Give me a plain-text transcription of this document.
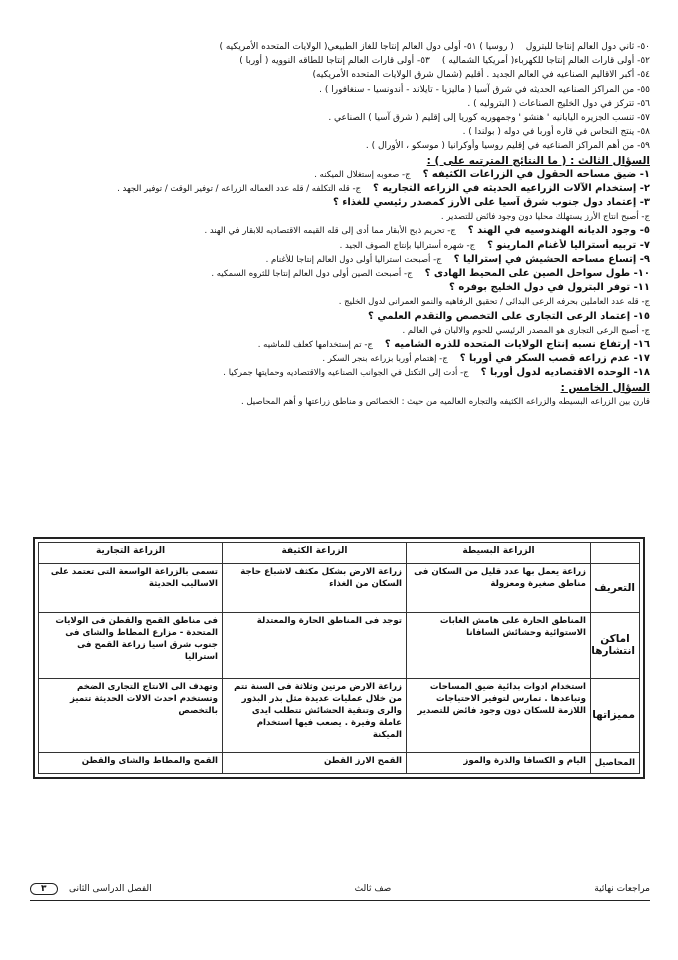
٥٠- ثاني دول العالم إنتاجا للبترول
( روسيا ) ٥١- أولى دول العالم إنتاجا للغاز الطبيعي( الولايات المتحده الأمريكيه )
٥٢- أولى قارات العالم إنتاجا للكهرباء( أمريكيا الشماليه )
٥٣- أولى قارات العالم إنتاجا للطاقه النوويه ( أوربا )
٥٤- أكبر الاقاليم الصناعيه في العالم الجديد . أقليم (شمال شرق الولايات المتحده الأمريكيه)
٥٥- من المراكز الصناعيه الحديثه في شرق آسيا ( ماليزيا - تايلاند - أندونسيا - سنغافورا ) .
٥٦- تتركز في دول الخليج الصناعات ( البتروليه ) .
٥٧- تنسب الجزيره اليابانيه ' هنشو ' وجمهوريه كوريا إلى إقليم ( شرق آسيا ) الصناعي .
٥٨- ينتج النحاس في قاره أوربا في دوله ( بولندا ) .
٥٩- من أهم المراكز الصناعيه في إقليم روسيا وأوكرانيا ( موسكو ، الأورال ) .
السؤال الثالث : ( ما النتائج المترتبه على ) :
١- ضيق مساحه الحقول في الزراعات الكثيفه ؟
ج- صعوبه إستغلال الميكنه .
٢- إستخدام الآلات الزراعيه الحديثه في الزراعه التجاريه ؟
ج- قله التكلفه / قله عدد العماله الزراعه / توفير الوقت / توفير الجهد .
٣- إعتماد دول جنوب شرق آسيا على الأرز كمصدر رئيسي للغذاء ؟
ج- أصبح انتاج الأرز يستهلك محليا دون وجود فائض للتصدير .
٥- وجود الديانه الهندوسيه في الهند ؟
ج- تحريم ذبح الأبقار مما أدى إلى قله القيمه الاقتصاديه للابقار في الهند .
٧- تربيه أستراليا لأغنام المارينو ؟
ج- شهره أستراليا بإنتاج الصوف الجيد .
٩- إتساع مساحه الحشيش في إستراليا ؟
ج- أصبحت استراليا أولى دول العالم إنتاجا للأغنام .
١٠- طول سواحل الصين على المحيط الهادى ؟
ج- أصبحت الصين أولى دول العالم إنتاجا للثروه السمكيه .
١١- توفر البترول في دول الخليج بوفره ؟
ج- قله عدد العاملين بحرفه الرعى البدائى / تحقيق الرفاهيه والنمو العمرانى لدول الخليج .
١٥- إعتماد الرعى التجارى على التخصص والتقدم العلمي ؟
ج- أصبح الرعى التجارى هو المصدر الرئيسي للحوم والالبان في العالم .
١٦- إرتفاع نسبه إنتاج الولايات المتحده للذره الشاميه ؟
ج- تم إستخدامها كعلف للماشيه .
١٧- عدم زراعه قصب السكر في أوربا ؟
ج- إهتمام أوربا بزراعه بنجر السكر .
١٨- الوحده الاقتصاديه لدول أوربا ؟
ج- أدت إلى التكتل في الجوانب الصناعيه والاقتصاديه وحمايتها جمركيا .
السؤال الخامس :
قارن بين الزراعه البسيطه والزراعه الكثيفه والتجاره العالميه من حيث : الخصائص و مناطق زراعتها و أهم المحاصيل .
	الزراعة البسيطة	الزراعة الكثيفة	الزراعة التجارية
التعريف	زراعة يعمل بها عدد قليل من السكان فى مناطق صغيرة ومعزولة	زراعة الارض بشكل مكثف لاشباع حاجة السكان من الغذاء	تسمى بالزراعة الواسعة التى تعتمد على الاساليب الحديثة
اماكن انتشارها	المناطق الحارة على هامش الغابات الاستوائية وحشائش السافانا	توجد فى المناطق الحارة والمعتدلة	فى مناطق القمح والقطن فى الولايات المتحدة - مزارع المطاط والشاى فى جنوب شرق اسيا زراعة القمح فى استراليا
مميزاتها	استخدام ادوات بدائية ضيق المساحات وتباعدها . تمارس لتوفير الاحتياجات اللازمة للسكان دون وجود فائض للتصدير	زراعة الارض مرتين وثلاثة فى السنة تتم من خلال عمليات عديدة مثل بذر البذور والرى وتنقية الحشائش تتطلب ايدى عاملة وفيرة . يصعب فيها استخدام الميكنة	وتهدف الى الانتاج التجارى الضخم وتستخدم احدث الالات الحديثة تتميز بالتخصص
المحاصيل	اليام و الكسافا والذرة والموز	القمح الارز القطن	القمح والمطاط والشاى والقطن
مراجعات نهائية
صف ثالث
الفصل الدراسى الثانى    ٣
